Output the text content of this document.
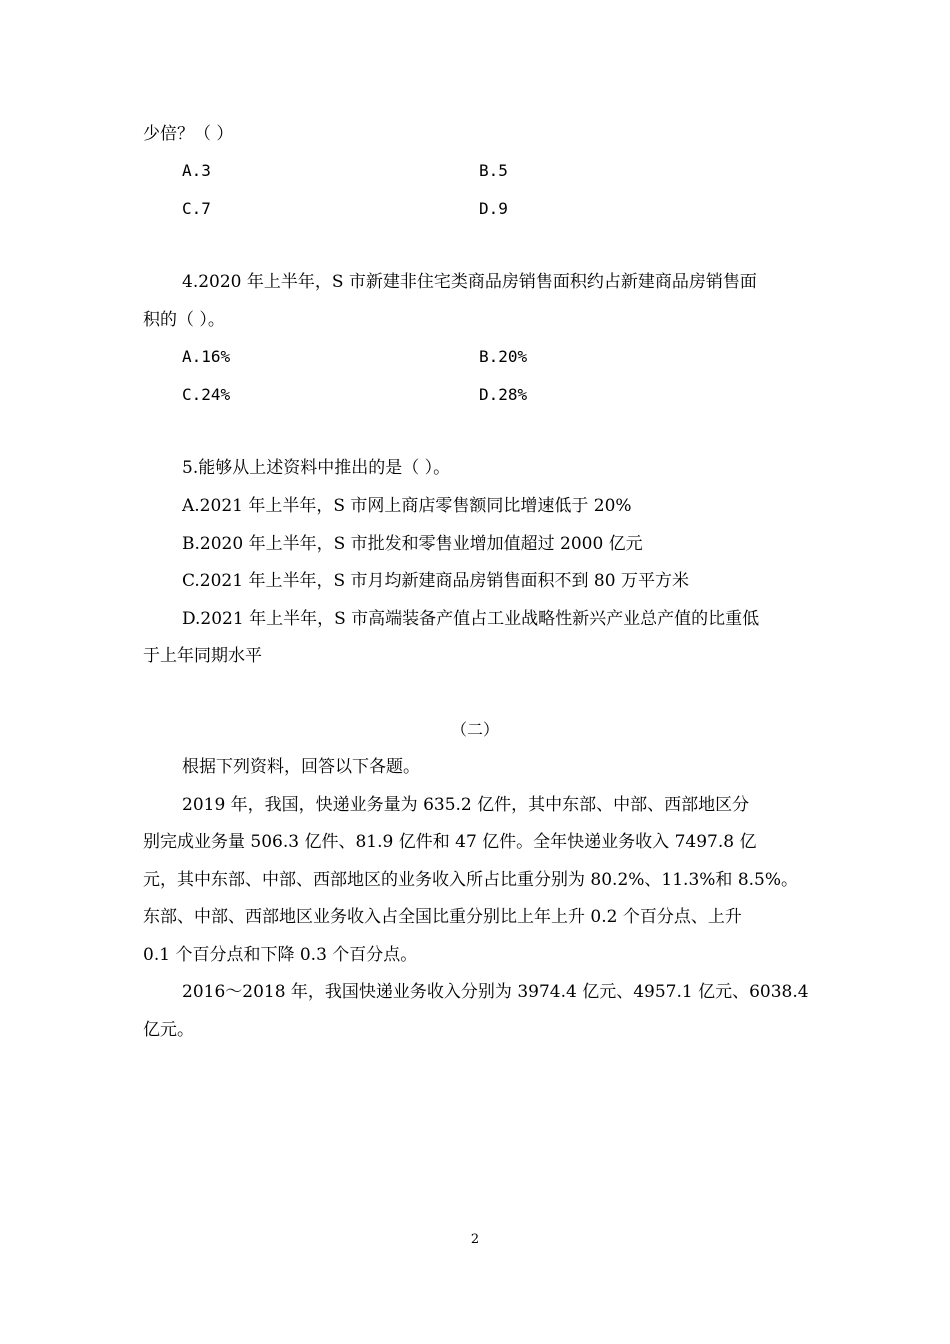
少倍？（ ）
A.3	B.5
C.7	D.9
4.2020 年上半年，S 市新建非住宅类商品房销售面积约占新建商品房销售面
积的（ ）。
A.16%	B.20%
C.24%	D.28%
5.能够从上述资料中推出的是（ ）。
A.2021 年上半年，S 市网上商店零售额同比增速低于 20%
B.2020 年上半年，S 市批发和零售业增加值超过 2000 亿元
C.2021 年上半年，S 市月均新建商品房销售面积不到 80 万平方米
D.2021 年上半年，S 市高端装备产值占工业战略性新兴产业总产值的比重低
于上年同期水平
（二）
根据下列资料，回答以下各题。
2019 年，我国，快递业务量为 635.2 亿件，其中东部、中部、西部地区分
别完成业务量 506.3 亿件、81.9 亿件和 47 亿件。全年快递业务收入 7497.8 亿
元，其中东部、中部、西部地区的业务收入所占比重分别为 80.2%、11.3%和 8.5%。
东部、中部、西部地区业务收入占全国比重分别比上年上升 0.2 个百分点、上升
0.1 个百分点和下降 0.3 个百分点。
2016～2018 年，我国快递业务收入分别为 3974.4 亿元、4957.1 亿元、6038.4
亿元。
2
